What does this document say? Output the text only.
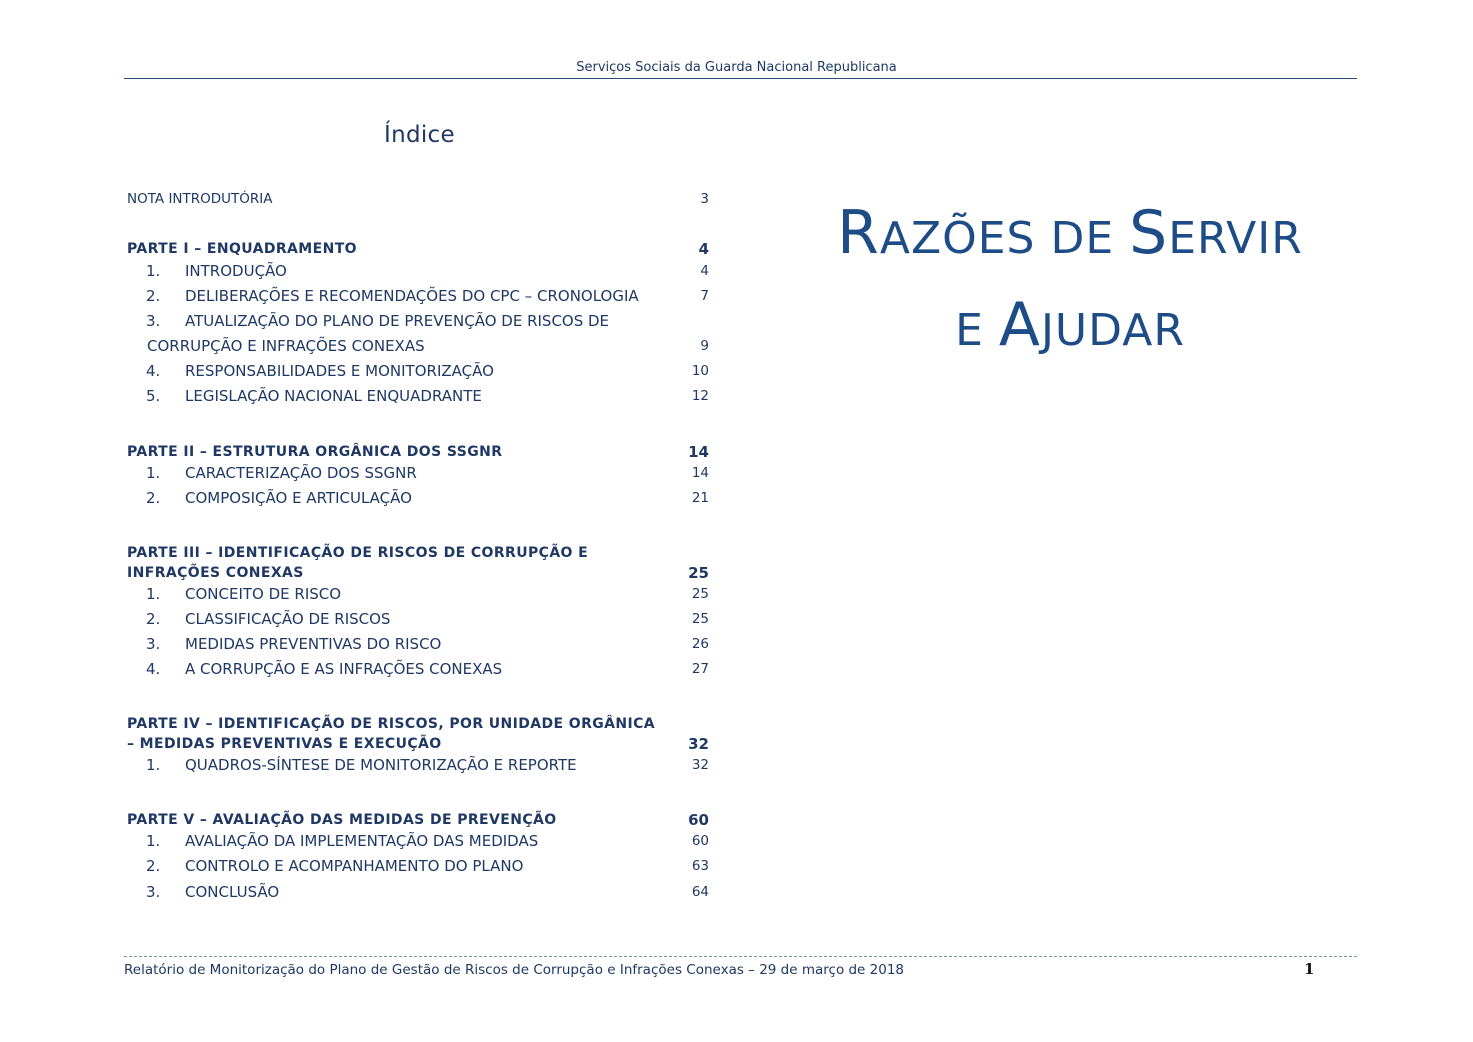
Serviços Sociais da Guarda Nacional Republicana
Índice
NOTA INTRODUTÓRIA	3
PARTE I – ENQUADRAMENTO	4
1. INTRODUÇÃO	4
2. DELIBERAÇÕES E RECOMENDAÇÕES DO CPC – CRONOLOGIA	7
3. ATUALIZAÇÃO DO PLANO DE PREVENÇÃO DE RISCOS DE
CORRUPÇÃO E INFRAÇÕES CONEXAS	9
4. RESPONSABILIDADES E MONITORIZAÇÃO	10
5. LEGISLAÇÃO NACIONAL ENQUADRANTE	12
PARTE II – ESTRUTURA ORGÂNICA DOS SSGNR	14
1. CARACTERIZAÇÃO DOS SSGNR	14
2. COMPOSIÇÃO E ARTICULAÇÃO	21
PARTE III – IDENTIFICAÇÃO DE RISCOS DE CORRUPÇÃO E
INFRAÇÕES CONEXAS	25
1. CONCEITO DE RISCO	25
2. CLASSIFICAÇÃO DE RISCOS	25
3. MEDIDAS PREVENTIVAS DO RISCO	26
4. A CORRUPÇÃO E AS INFRAÇÕES CONEXAS	27
PARTE IV – IDENTIFICAÇÃO DE RISCOS, POR UNIDADE ORGÂNICA
– MEDIDAS PREVENTIVAS E EXECUÇÃO	32
1. QUADROS-SÍNTESE DE MONITORIZAÇÃO E REPORTE	32
PARTE V – AVALIAÇÃO DAS MEDIDAS DE PREVENÇÃO	60
1. AVALIAÇÃO DA IMPLEMENTAÇÃO DAS MEDIDAS	60
2. CONTROLO E ACOMPANHAMENTO DO PLANO	63
3. CONCLUSÃO	64
RAZÕES DE SERVIR
E AJUDAR
Relatório de Monitorização do Plano de Gestão de Riscos de Corrupção e Infrações Conexas – 29 de março de 2018	1
